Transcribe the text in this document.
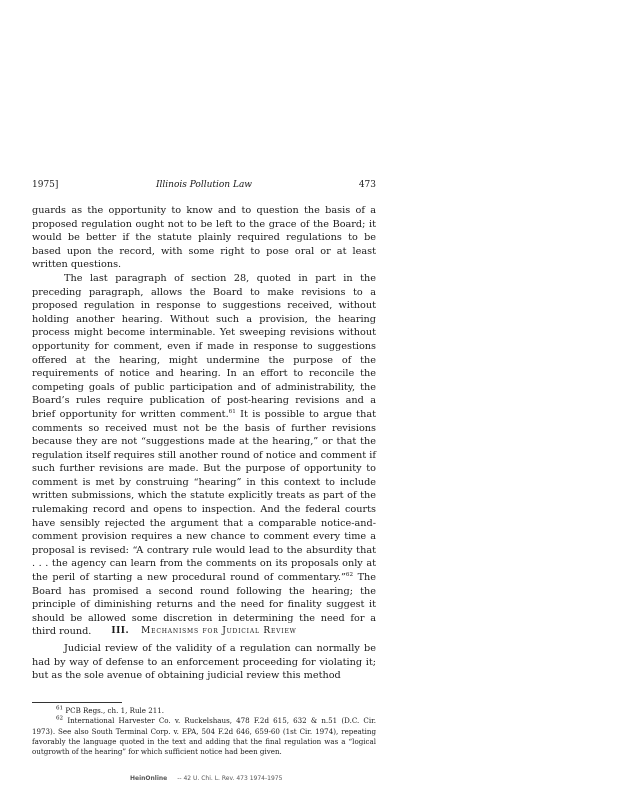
1975]	Illinois Pollution Law	473

guards as the opportunity to know and to question the basis of a proposed regulation ought not to be left to the grace of the Board; it would be better if the statute plainly required regulations to be based upon the record, with some right to pose oral or at least written questions.

The last paragraph of section 28, quoted in part in the preceding paragraph, allows the Board to make revisions to a proposed regulation in response to suggestions received, without holding another hearing. Without such a provision, the hearing process might become interminable. Yet sweeping revisions without opportunity for comment, even if made in response to suggestions offered at the hearing, might undermine the purpose of the requirements of notice and hearing. In an effort to reconcile the competing goals of public participation and of administrability, the Board’s rules require publication of post-hearing revisions and a brief opportunity for written comment.$^{61}$ It is possible to argue that comments so received must not be the basis of further revisions because they are not “suggestions made at the hearing,” or that the regulation itself requires still another round of notice and comment if such further revisions are made. But the purpose of opportunity to comment is met by construing “hearing” in this context to include written submissions, which the statute explicitly treats as part of the rulemaking record and opens to inspection. And the federal courts have sensibly rejected the argument that a comparable notice-and-comment provision requires a new chance to comment every time a proposal is revised: “A contrary rule would lead to the absurdity that . . . the agency can learn from the comments on its proposals only at the peril of starting a new procedural round of commentary.”$^{62}$ The Board has promised a second round following the hearing; the principle of diminishing returns and the need for finality suggest it should be allowed some discretion in determining the need for a third round.	III. Mechanisms for Judicial Review

Judicial review of the validity of a regulation can normally be had by way of defense to an enforcement proceeding for violating it; but as the sole avenue of obtaining judicial review this method

$^{61}$ PCB Regs., ch. 1, Rule 211.

$^{62}$ International Harvester Co. v. Ruckelshaus, 478 F.2d 615, 632 & n.51 (D.C. Cir. 1973). See also South Terminal Corp. v. EPA, 504 F.2d 646, 659-60 (1st Cir. 1974), repeating favorably the language quoted in the text and adding that the final regulation was a “logical outgrowth of the hearing” for which sufficient notice had been given.

HeinOnline -- 42 U. Chi. L. Rev. 473 1974-1975
